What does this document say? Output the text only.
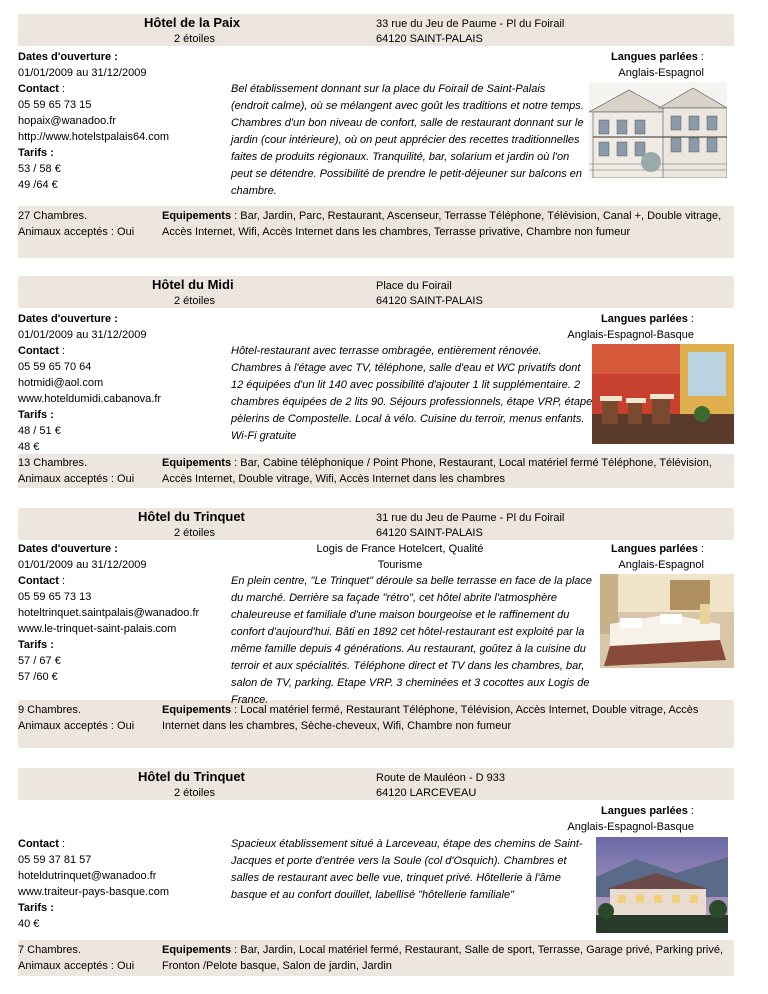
Hôtel de la Paix
2 étoiles
33 rue du Jeu de Paume - Pl du Foirail
64120 SAINT-PALAIS
Dates d'ouverture :
01/01/2009 au 31/12/2009
Contact :
05 59 65 73 15
hopaix@wanadoo.fr
http://www.hotelstpalais64.com
Tarifs :
53 / 58 €
49 /64 €
Langues parlées :
Anglais-Espagnol
Bel établissement donnant sur la place du Foirail de Saint-Palais (endroit calme), où se mélangent avec goût les traditions et notre temps. Chambres d'un bon niveau de confort, salle de restaurant donnant sur le jardin (cour intérieure), où on peut apprécier des recettes traditionnelles faites de produits régionaux. Tranquilité, bar, solarium et jardin où l'on peut se détendre. Possibilité de prendre le petit-déjeuner sur balcons en chambre.
27 Chambres.
Animaux acceptés : Oui
Equipements : Bar, Jardin, Parc, Restaurant, Ascenseur, Terrasse Téléphone, Télévision, Canal +, Double vitrage, Accès Internet, Wifi, Accès Internet dans les chambres, Terrasse privative, Chambre non fumeur
Hôtel du Midi
2 étoiles
Place du Foirail
64120 SAINT-PALAIS
Dates d'ouverture :
01/01/2009 au 31/12/2009
Contact :
05 59 65 70 64
hotmidi@aol.com
www.hoteldumidi.cabanova.fr
Tarifs :
48 / 51 €
48 €
Langues parlées :
Anglais-Espagnol-Basque
Hôtel-restaurant avec terrasse ombragée, entièrement rénovée. Chambres à l'étage avec TV, téléphone, salle d'eau et WC privatifs dont 12 équipées d'un lit 140 avec possibilité d'ajouter 1 lit supplémentaire. 2 chambres équipées de 2 lits 90. Séjours professionnels, étape VRP, étape pèlerins de Compostelle. Local à vélo. Cuisine du terroir, menus enfants. Wi-Fi gratuite
13 Chambres.
Animaux acceptés : Oui
Equipements : Bar, Cabine téléphonique / Point Phone, Restaurant, Local matériel fermé Téléphone, Télévision, Accès Internet, Double vitrage, Wifi, Accès Internet dans les chambres
Hôtel du Trinquet
2 étoiles
31 rue du Jeu de Paume - Pl du Foirail
64120 SAINT-PALAIS
Logis de France Hotelcert, Qualité
Tourisme
Dates d'ouverture :
01/01/2009 au 31/12/2009
Contact :
05 59 65 73 13
hoteltrinquet.saintpalais@wanadoo.fr
www.le-trinquet-saint-palais.com
Tarifs :
57 / 67 €
57 /60 €
Langues parlées :
Anglais-Espagnol
En plein centre, "Le Trinquet" déroule sa belle terrasse en face de la place du marché. Derrière sa façade "rétro", cet hôtel abrite l'atmosphère chaleureuse et familiale d'une maison bourgeoise et le raffinement du confort d'aujourd'hui. Bâti en 1892 cet hôtel-restaurant est exploité par la même famille depuis 4 générations. Au restaurant, goûtez à la cuisine du terroir et aux spécialités. Téléphone direct et TV dans les chambres, bar, salon de TV, parking. Etape VRP. 3 cheminées et 3 cocottes aux Logis de France.
9 Chambres.
Animaux acceptés : Oui
Equipements : Local matériel fermé, Restaurant Téléphone, Télévision, Accès Internet, Double vitrage, Accès Internet dans les chambres, Sèche-cheveux, Wifi, Chambre non fumeur
Hôtel du Trinquet
2 étoiles
Route de Mauléon - D 933
64120 LARCEVEAU
Langues parlées :
Anglais-Espagnol-Basque
Contact :
05 59 37 81 57
hoteldutrinquet@wanadoo.fr
www.traiteur-pays-basque.com
Tarifs :
40 €
Spacieux établissement situé à Larceveau, étape des chemins de Saint-Jacques et porte d'entrée vers la Soule (col d'Osquich). Chambres et salles de restaurant avec belle vue, trinquet privé. Hôtellerie à l'âme basque et au confort douillet, labellisé "hôtellerie familiale"
7 Chambres.
Animaux acceptés : Oui
Equipements : Bar, Jardin, Local matériel fermé, Restaurant, Salle de sport, Terrasse, Garage privé, Parking privé, Fronton /Pelote basque, Salon de jardin, Jardin
